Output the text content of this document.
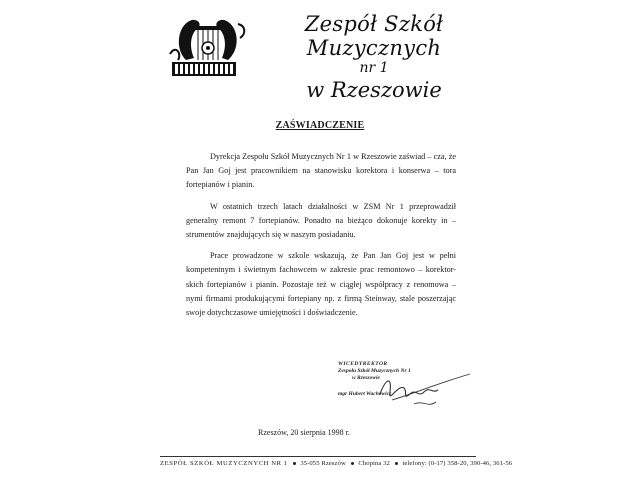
Zespół Szkół Muzycznych
nr 1
w Rzeszowie
ZAŚWIADCZENIE

Dyrekcja Zespołu Szkół Muzycznych Nr 1 w Rzeszowie zaświad – cza, że Pan Jan Goj jest pracownikiem na stanowisku korektora i konserwa – tora fortepianów i pianin.

W ostatnich trzech latach działalności w ZSM Nr 1 przeprowadził generalny remont 7 fortepianów. Ponadto na bieżąco dokonuje korekty in – strumentów znajdujących się w naszym posiadaniu.

Prace prowadzone w szkole wskazują, że Pan Jan Goj jest w pełni kompetentnym i świetnym fachowcem w zakresie prac remontowo – korektor- skich fortepianów i pianin. Pozostaje też w ciągłej współpracy z renomowa – nymi firmami produkującymi fortepiany np. z firmą Steinway, stale poszerzając swoje dotychczasowe umiejętności i doświadczenie.

WICEDYREKTOR
Zespołu Szkół Muzycznych Nr 1
w Rzeszowie
mgr Hubert Wachowicz
Rzeszów, 20 sierpnia 1998 r.
ZESPÓŁ SZKÓŁ MUZYCZNYCH NR 1 35-055 Rzeszów Chopina 32 telefony: (0-17) 358-20, 390-46, 361-56
